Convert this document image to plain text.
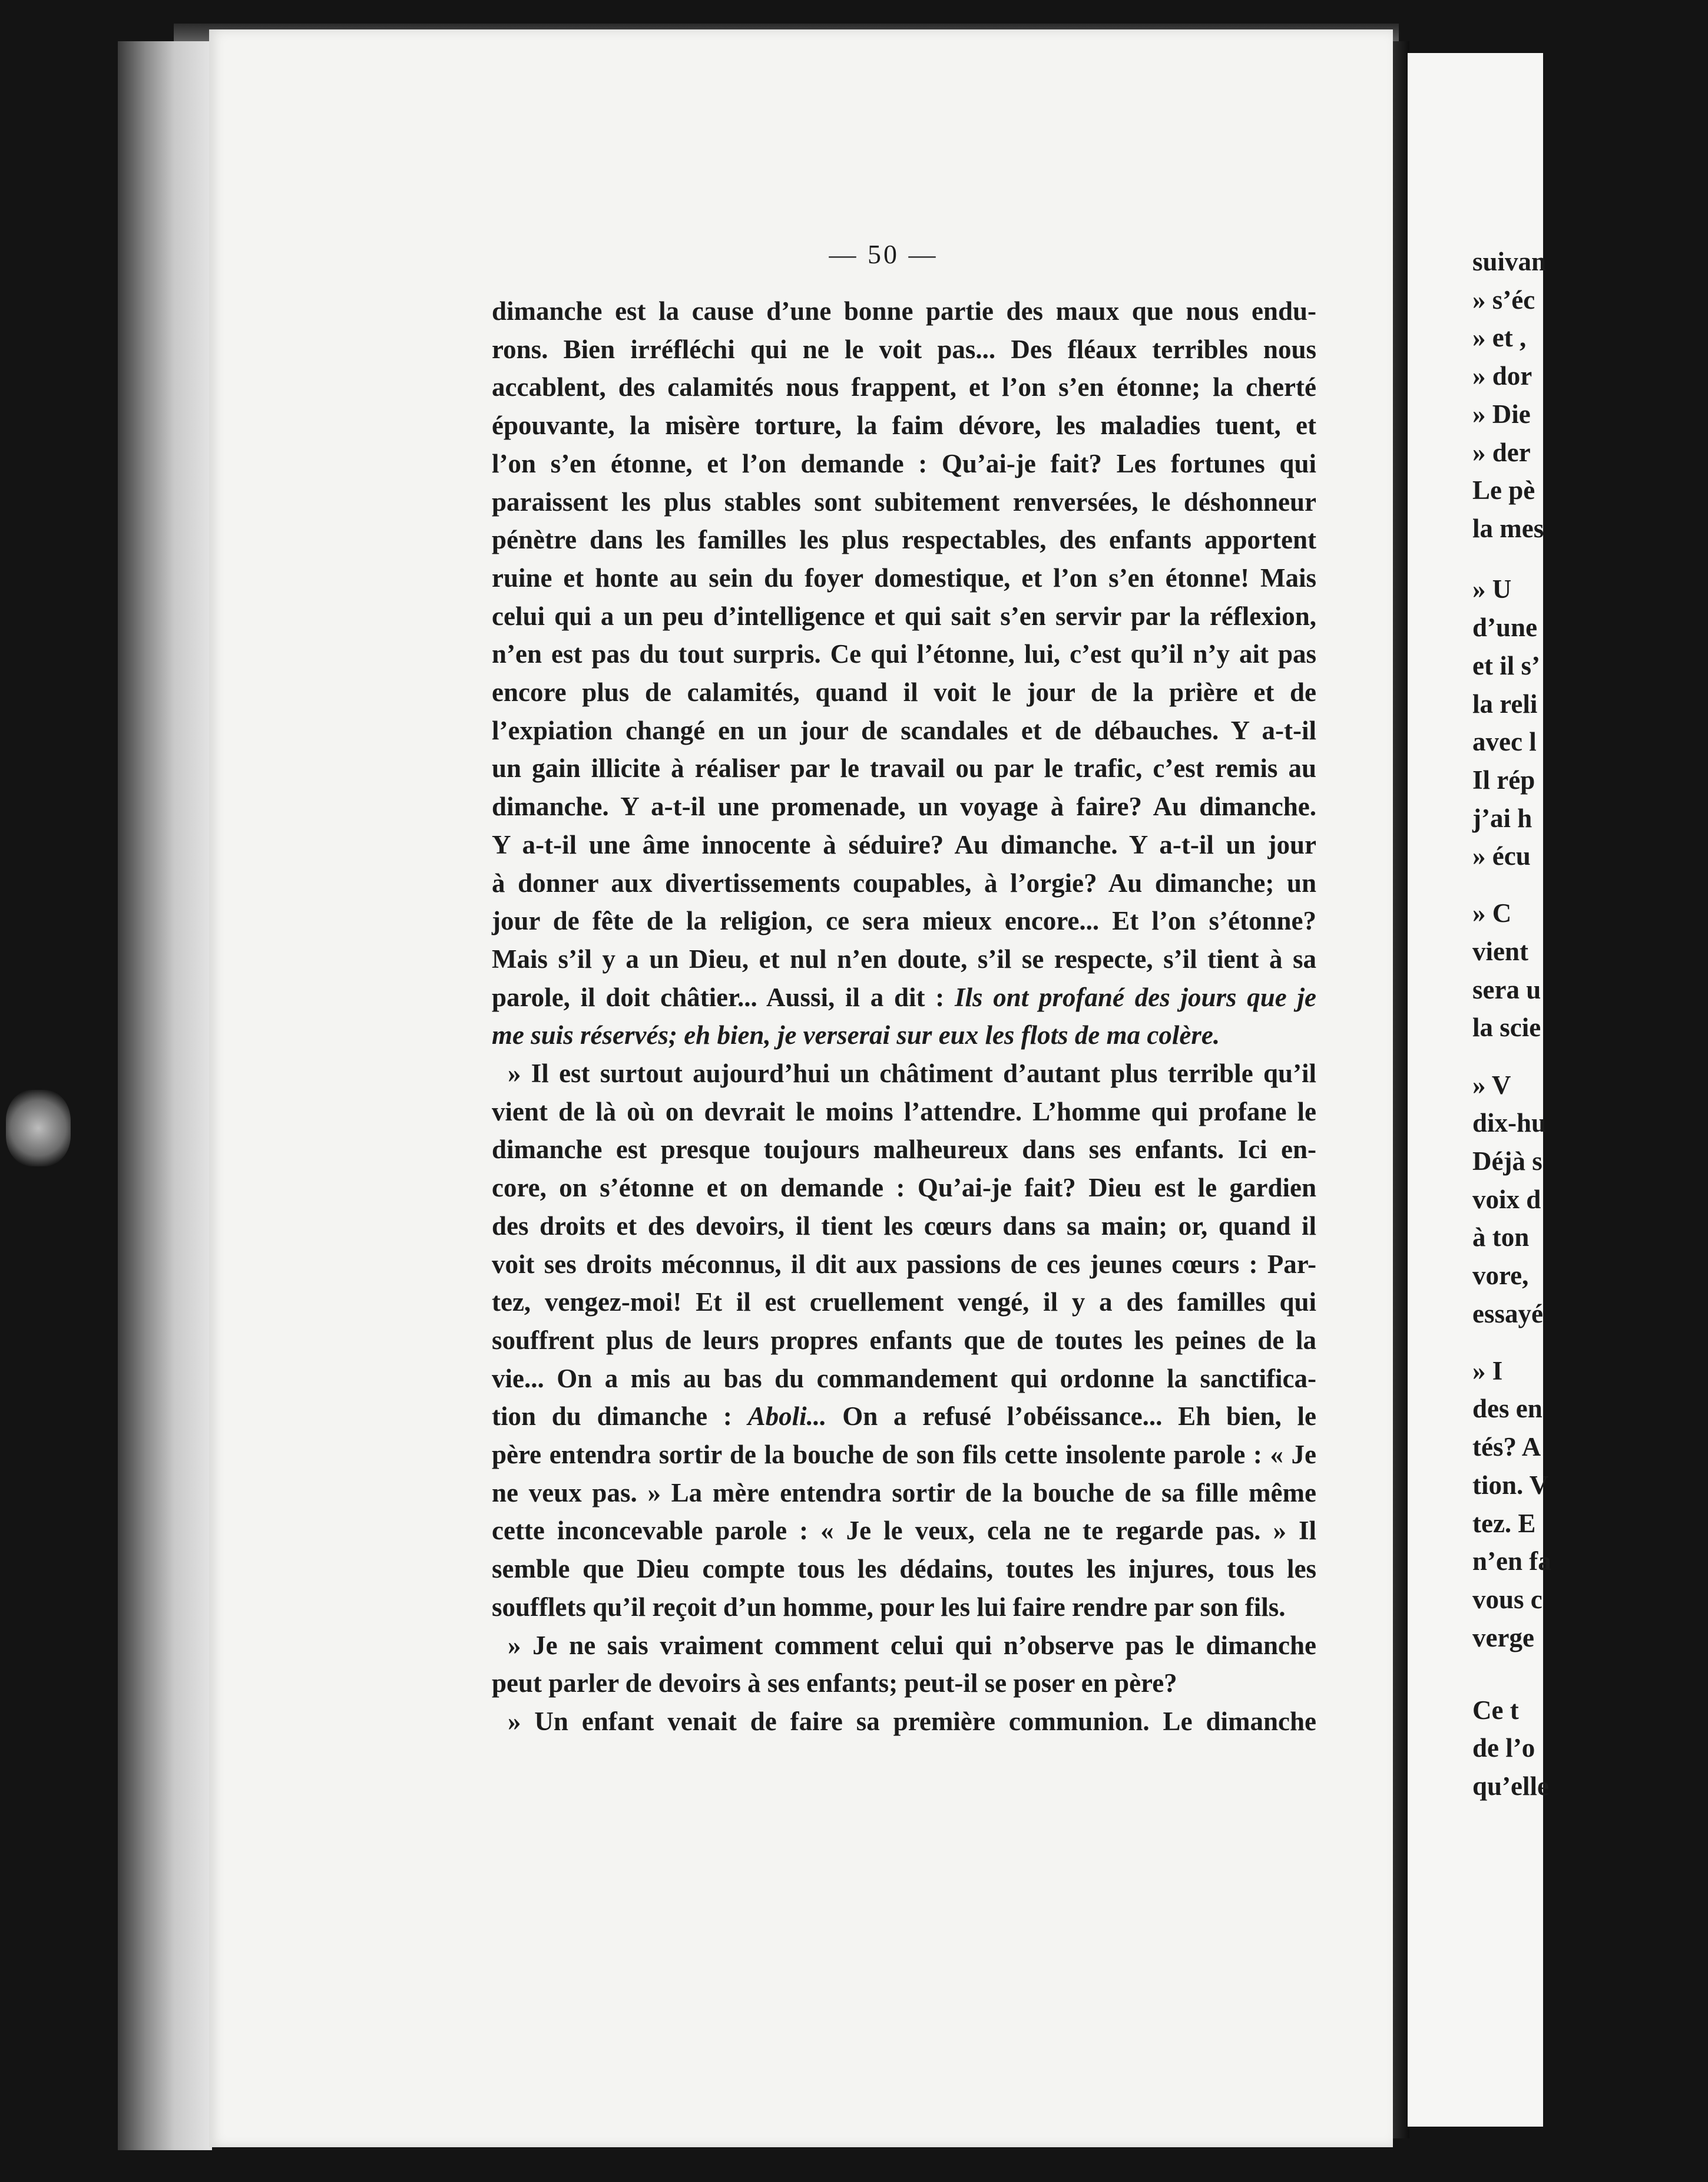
suivan
» s’éc
» et ,
» dor
» Die
» der
Le pè
la mes
» U
d’une
et il s’
la reli
avec l
Il rép
j’ai h
» écu
» C
vient
sera u
la scie
» V
dix-hu
Déjà s
voix d
à ton
vore,
essayé
» I
des en
tés? A
tion. V
tez. E
n’en fa
vous c
verge
Ce t
de l’o
qu’elle
— 50 —
dimanche est la cause d’une bonne partie des maux que nous endu-
rons. Bien irréfléchi qui ne le voit pas... Des fléaux terribles nous
accablent, des calamités nous frappent, et l’on s’en étonne; la cherté
épouvante, la misère torture, la faim dévore, les maladies tuent, et
l’on s’en étonne, et l’on demande : Qu’ai-je fait? Les fortunes qui
paraissent les plus stables sont subitement renversées, le déshonneur
pénètre dans les familles les plus respectables, des enfants apportent
ruine et honte au sein du foyer domestique, et l’on s’en étonne! Mais
celui qui a un peu d’intelligence et qui sait s’en servir par la réflexion,
n’en est pas du tout surpris. Ce qui l’étonne, lui, c’est qu’il n’y ait pas
encore plus de calamités, quand il voit le jour de la prière et de
l’expiation changé en un jour de scandales et de débauches. Y a-t-il
un gain illicite à réaliser par le travail ou par le trafic, c’est remis au
dimanche. Y a-t-il une promenade, un voyage à faire? Au dimanche.
Y a-t-il une âme innocente à séduire? Au dimanche. Y a-t-il un jour
à donner aux divertissements coupables, à l’orgie? Au dimanche; un
jour de fête de la religion, ce sera mieux encore... Et l’on s’étonne?
Mais s’il y a un Dieu, et nul n’en doute, s’il se respecte, s’il tient à sa
parole, il doit châtier... Aussi, il a dit : Ils ont profané des jours que je
me suis réservés; eh bien, je verserai sur eux les flots de ma colère.
» Il est surtout aujourd’hui un châtiment d’autant plus terrible qu’il
vient de là où on devrait le moins l’attendre. L’homme qui profane le
dimanche est presque toujours malheureux dans ses enfants. Ici en-
core, on s’étonne et on demande : Qu’ai-je fait? Dieu est le gardien
des droits et des devoirs, il tient les cœurs dans sa main; or, quand il
voit ses droits méconnus, il dit aux passions de ces jeunes cœurs : Par-
tez, vengez-moi! Et il est cruellement vengé, il y a des familles qui
souffrent plus de leurs propres enfants que de toutes les peines de la
vie... On a mis au bas du commandement qui ordonne la sanctifica-
tion du dimanche : Aboli... On a refusé l’obéissance... Eh bien, le
père entendra sortir de la bouche de son fils cette insolente parole : « Je
ne veux pas. » La mère entendra sortir de la bouche de sa fille même
cette inconcevable parole : « Je le veux, cela ne te regarde pas. » Il
semble que Dieu compte tous les dédains, toutes les injures, tous les
soufflets qu’il reçoit d’un homme, pour les lui faire rendre par son fils.
» Je ne sais vraiment comment celui qui n’observe pas le dimanche
peut parler de devoirs à ses enfants; peut-il se poser en père?
» Un enfant venait de faire sa première communion. Le dimanche
